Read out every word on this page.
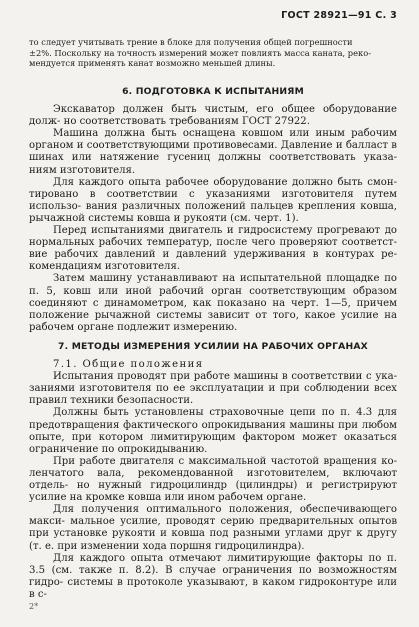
ГОСТ 28921—91 С. 3
то следует учитывать трение в блоке для получения общей погрешности
±2%. Поскольку на точность измерений может повлиять масса каната, реко-
мендуется применять канат возможно меньшей длины.
6. ПОДГОТОВКА К ИСПЫТАНИЯМ

Экскаватор должен быть чистым, его общее оборудование долж- но соответствовать требованиям ГОСТ 27922.

Машина должна быть оснащена ковшом или иным рабочим органом и соответствующими противовесами. Давление и балласт в шинах или натяжение гусениц должны соответствовать указа- ниям изготовителя.

Для каждого опыта рабочее оборудование должно быть смон- тировано в соответствии с указаниями изготовителя путем использо- вания различных положений пальцев крепления ковша, рычажной системы ковша и рукояти (см. черт. 1).

Перед испытаниями двигатель и гидросистему прогревают до нормальных рабочих температур, после чего проверяют соответст- вие рабочих давлений и давлений удерживания в контурах ре- комендациям изготовителя.

Затем машину устанавливают на испытательной площадке по п. 5, ковш или иной рабочий орган соответствующим образом соединяют с динамометром, как показано на черт. 1—5, причем положение рычажной системы зависит от того, какое усилие на рабочем органе подлежит измерению.

7. МЕТОДЫ ИЗМЕРЕНИЯ УСИЛИИ НА РАБОЧИХ ОРГАНАХ

7.1. Общие положения

Испытания проводят при работе машины в соответствии с ука- заниями изготовителя по ее эксплуатации и при соблюдении всех правил техники безопасности.

Должны быть установлены страховочные цепи по п. 4.3 для предотвращения фактического опрокидывания машины при любом опыте, при котором лимитирующим фактором может оказаться ограничение по опрокидыванию.

При работе двигателя с максимальной частотой вращения ко- ленчатого вала, рекомендованной изготовителем, включают отдель- но нужный гидроцилиндр (цилиндры) и регистрируют усилие на кромке ковша или ином рабочем органе.

Для получения оптимального положения, обеспечивающего макси- мальное усилие, проводят серию предварительных опытов при установке рукояти и ковша под разными углами друг к другу (т. е. при изменении хода поршня гидроцилиндра).

Для каждого опыта отмечают лимитирующие факторы по п. 3.5 (см. также п. 8.2). В случае ограничения по возможностям гидро- системы в протоколе указывают, в каком гидроконтуре или в с-

2*
